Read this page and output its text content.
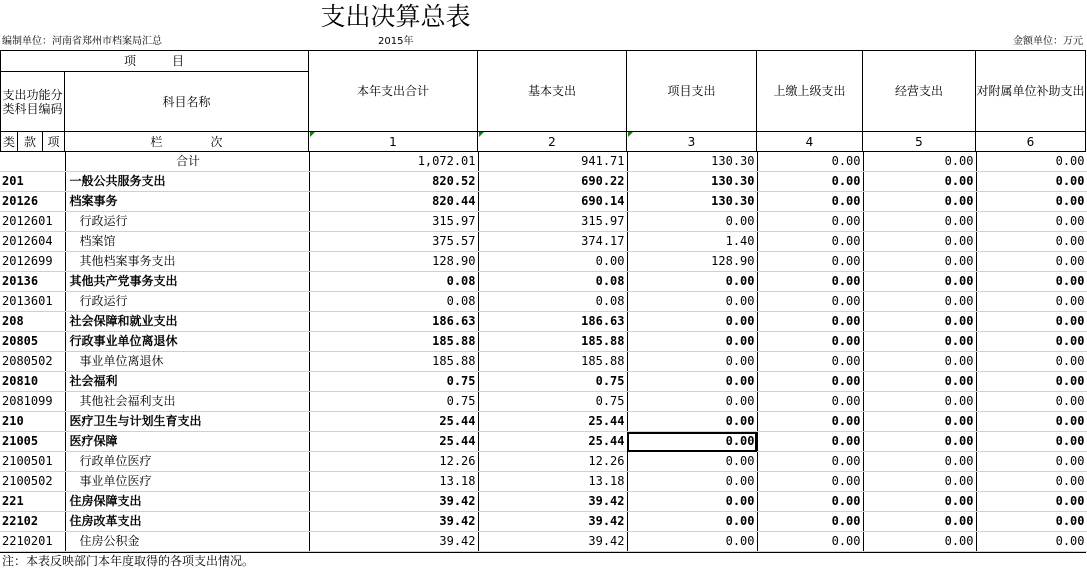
支出决算总表
编制单位：河南省郑州市档案局汇总	2015年	金额单位：万元
项　　　目
支出功能分类科目编码	科目名称
栏　　　　次
类 款 项
本年支出合计	基本支出	项目支出	上缴上级支出	经营支出	对附属单位补助支出
1	2	3	4	5	6
	合计	1,072.01	941.71	130.30	0.00	0.00	0.00
201	一般公共服务支出	820.52	690.22	130.30	0.00	0.00	0.00
20126	档案事务	820.44	690.14	130.30	0.00	0.00	0.00
2012601	行政运行	315.97	315.97	0.00	0.00	0.00	0.00
2012604	档案馆	375.57	374.17	1.40	0.00	0.00	0.00
2012699	其他档案事务支出	128.90	0.00	128.90	0.00	0.00	0.00
20136	其他共产党事务支出	0.08	0.08	0.00	0.00	0.00	0.00
2013601	行政运行	0.08	0.08	0.00	0.00	0.00	0.00
208	社会保障和就业支出	186.63	186.63	0.00	0.00	0.00	0.00
20805	行政事业单位离退休	185.88	185.88	0.00	0.00	0.00	0.00
2080502	事业单位离退休	185.88	185.88	0.00	0.00	0.00	0.00
20810	社会福利	0.75	0.75	0.00	0.00	0.00	0.00
2081099	其他社会福利支出	0.75	0.75	0.00	0.00	0.00	0.00
210	医疗卫生与计划生育支出	25.44	25.44	0.00	0.00	0.00	0.00
21005	医疗保障	25.44	25.44	0.00	0.00	0.00	0.00
2100501	行政单位医疗	12.26	12.26	0.00	0.00	0.00	0.00
2100502	事业单位医疗	13.18	13.18	0.00	0.00	0.00	0.00
221	住房保障支出	39.42	39.42	0.00	0.00	0.00	0.00
22102	住房改革支出	39.42	39.42	0.00	0.00	0.00	0.00
2210201	住房公积金	39.42	39.42	0.00	0.00	0.00	0.00
注：本表反映部门本年度取得的各项支出情况。
